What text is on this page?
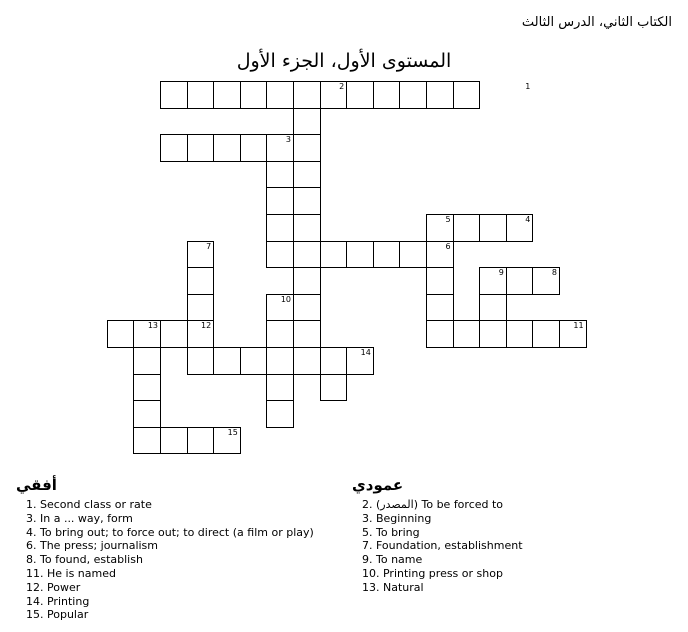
الكتاب الثاني، الدرس الثالث
المستوى الأول، الجزء الأول
1
2
3
4
5
6
7
8
9
10
11
12
13
14
15
أفقي
1. Second class or rate
3. In a ... way, form
4. To bring out; to force out; to direct (a film or play)
6. The press; journalism
8. To found, establish
11. He is named
12. Power
14. Printing
15. Popular
عمودي
2. (المصدر) To be forced to
3. Beginning
5. To bring
7. Foundation, establishment
9. To name
10. Printing press or shop
13. Natural
